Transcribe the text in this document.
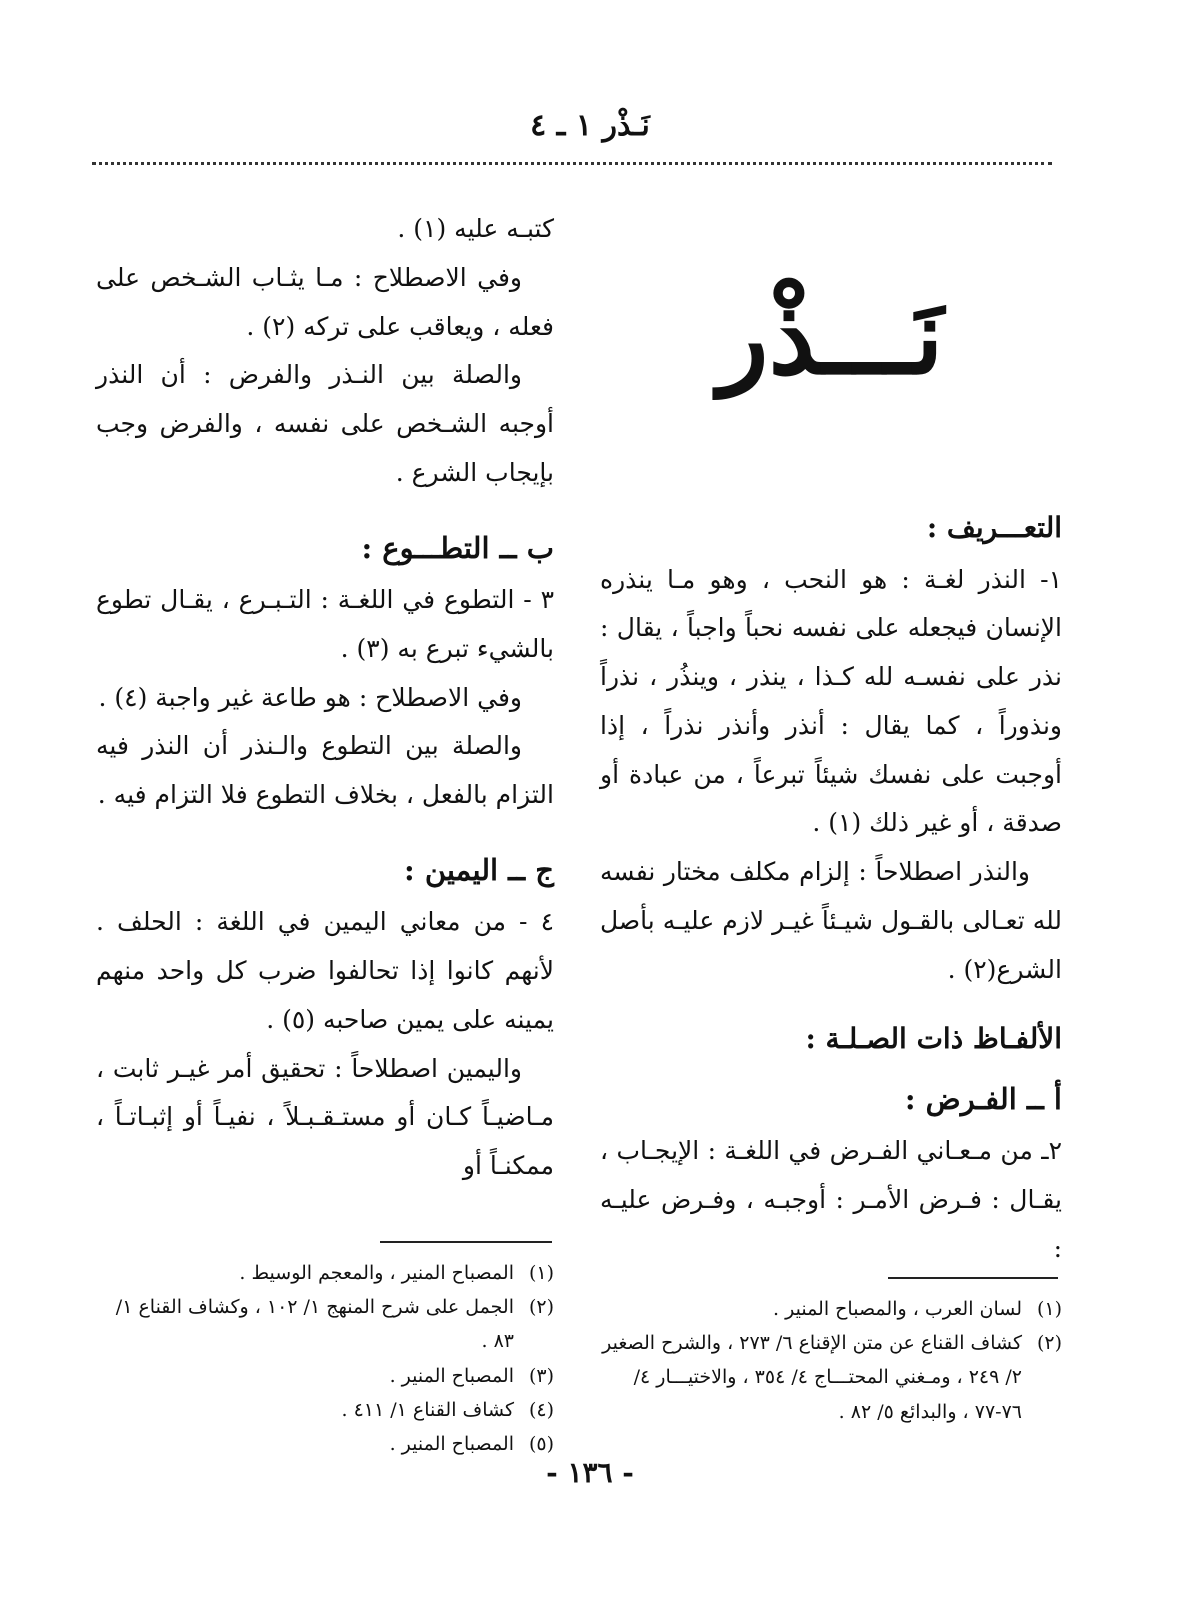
نَـذْر ١ ـ ٤
نَـــذْر

التعـــريف :

١- النذر لغـة : هو النحب ، وهو مـا ينذره الإنسان فيجعله على نفسه نحباً واجباً ، يقال : نذر على نفسـه لله كـذا ، ينذر ، وينذُر ، نذراً ونذوراً ، كما يقال : أنذر وأنذر نذراً ، إذا أوجبت على نفسك شيئاً تبرعاً ، من عبادة أو صدقة ، أو غير ذلك (١) .

والنذر اصطلاحاً : إلزام مكلف مختار نفسه لله تعـالى بالقـول شيـئاً غيـر لازم عليـه بأصل الشرع(٢) .

الألفـاظ ذات الصـلـة :

أ ــ الفـرض :

٢ـ من مـعـاني الفـرض في اللغـة : الإيجـاب ، يقـال : فـرض الأمـر : أوجبـه ، وفـرض عليـه :

كتبـه عليه (١) .

وفي الاصطلاح : مـا يثـاب الشـخص على فعله ، ويعاقب على تركه (٢) .

والصلة بين النـذر والفرض : أن النذر أوجبه الشـخص على نفسه ، والفرض وجب بإيجاب الشرع .

ب ــ التطـــوع :

٣ - التطوع في اللغـة : التـبـرع ، يقـال تطوع بالشيء تبرع به (٣) .

وفي الاصطلاح : هو طاعة غير واجبة (٤) .

والصلة بين التطوع والـنذر أن النذر فيه التزام بالفعل ، بخلاف التطوع فلا التزام فيه .

ج ــ اليمين :

٤ - من معاني اليمين في اللغة : الحلف . لأنهم كانوا إذا تحالفوا ضرب كل واحد منهم يمينه على يمين صاحبه (٥) .

واليمين اصطلاحاً : تحقيق أمر غيـر ثابت ، مـاضيـاً كـان أو مستـقـبـلاً ، نفيـاً أو إثبـاتـاً ، ممكنـاً أو

(١)
لسان العرب ، والمصباح المنير .
(٢)
كشاف القناع عن متن الإقناع ٦/ ٢٧٣ ، والشرح الصغير ٢/ ٢٤٩ ، ومـغني المحتـــاج ٤/ ٣٥٤ ، والاختيـــار ٤/ ٧٦-٧٧ ، والبدائع ٥/ ٨٢ .
(١)
المصباح المنير ، والمعجم الوسيط .
(٢)
الجمل على شرح المنهج ١/ ١٠٢ ، وكشاف القناع ١/ ٨٣ .
(٣)
المصباح المنير .
(٤)
كشاف القناع ١/ ٤١١ .
(٥)
المصباح المنير .
- ١٣٦ -
